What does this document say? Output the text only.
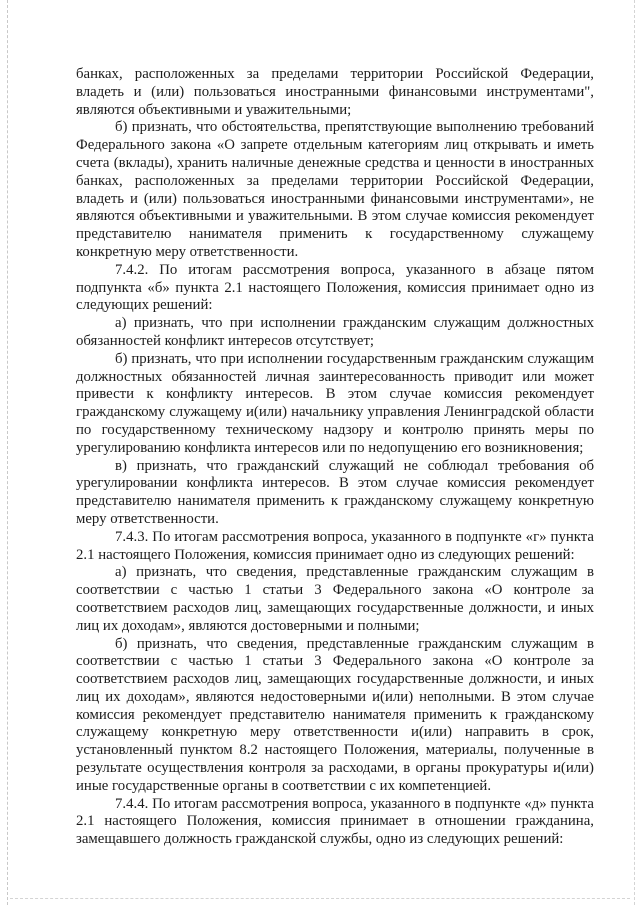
банках, расположенных за пределами территории Российской Федерации, владеть и (или) пользоваться иностранными финансовыми инструментами", являются объективными и уважительными;

б) признать, что обстоятельства, препятствующие выполнению требований Федерального закона «О запрете отдельным категориям лиц открывать и иметь счета (вклады), хранить наличные денежные средства и ценности в иностранных банках, расположенных за пределами территории Российской Федерации, владеть и (или) пользоваться иностранными финансовыми инструментами», не являются объективными и уважительными. В этом случае комиссия рекомендует представителю нанимателя применить к государственному служащему конкретную меру ответственности.

7.4.2. По итогам рассмотрения вопроса, указанного в абзаце пятом подпункта «б» пункта 2.1 настоящего Положения, комиссия принимает одно из следующих решений:

а) признать, что при исполнении гражданским служащим должностных обязанностей конфликт интересов отсутствует;

б) признать, что при исполнении государственным гражданским служащим должностных обязанностей личная заинтересованность приводит или может привести к конфликту интересов. В этом случае комиссия рекомендует гражданскому служащему и(или) начальнику управления Ленинградской области по государственному техническому надзору и контролю принять меры по урегулированию конфликта интересов или по недопущению его возникновения;

в) признать, что гражданский служащий не соблюдал требования об урегулировании конфликта интересов. В этом случае комиссия рекомендует представителю нанимателя применить к гражданскому служащему конкретную меру ответственности.

7.4.3. По итогам рассмотрения вопроса, указанного в подпункте «г» пункта 2.1 настоящего Положения, комиссия принимает одно из следующих решений:

а) признать, что сведения, представленные гражданским служащим в соответствии с частью 1 статьи 3 Федерального закона «О контроле за соответствием расходов лиц, замещающих государственные должности, и иных лиц их доходам», являются достоверными и полными;

б) признать, что сведения, представленные гражданским служащим в соответствии с частью 1 статьи 3 Федерального закона «О контроле за соответствием расходов лиц, замещающих государственные должности, и иных лиц их доходам», являются недостоверными и(или) неполными. В этом случае комиссия рекомендует представителю нанимателя применить к гражданскому служащему конкретную меру ответственности и(или) направить в срок, установленный пунктом 8.2 настоящего Положения, материалы, полученные в результате осуществления контроля за расходами, в органы прокуратуры и(или) иные государственные органы в соответствии с их компетенцией.

7.4.4. По итогам рассмотрения вопроса, указанного в подпункте «д» пункта 2.1 настоящего Положения, комиссия принимает в отношении гражданина, замещавшего должность гражданской службы, одно из следующих решений:
